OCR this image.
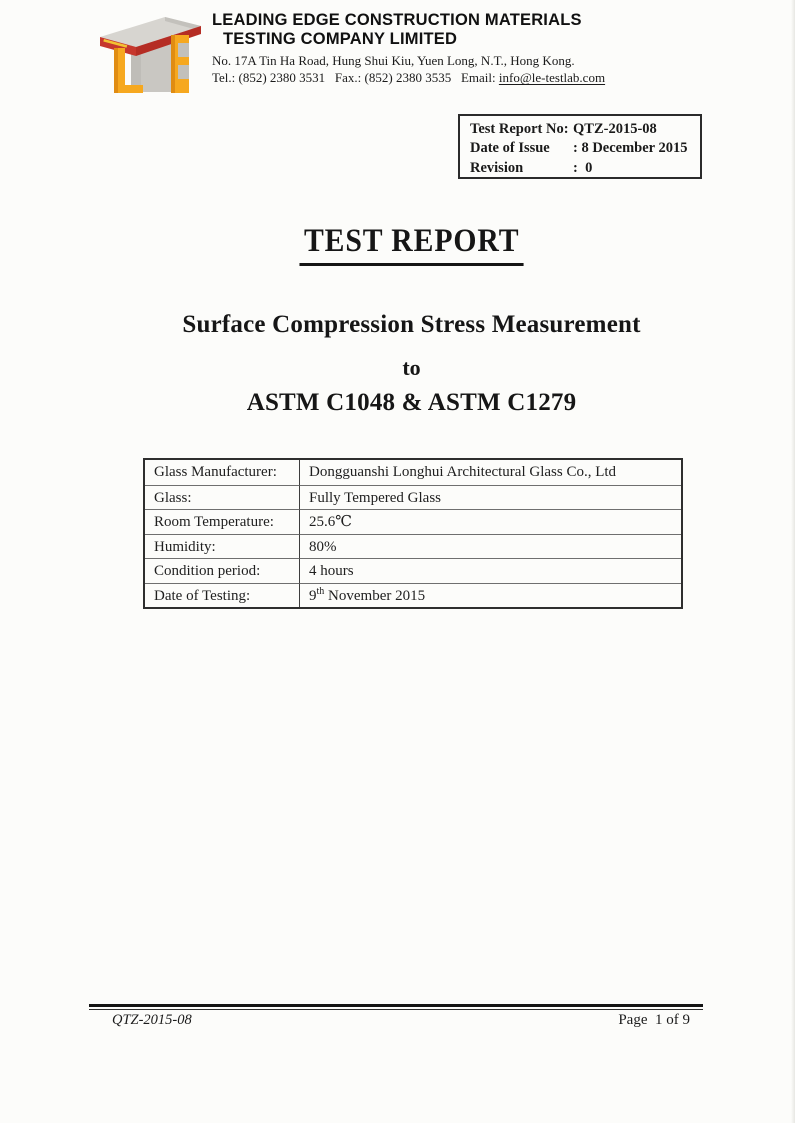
LEADING EDGE CONSTRUCTION MATERIALS
TESTING COMPANY LIMITED
No. 17A Tin Ha Road, Hung Shui Kiu, Yuen Long, N.T., Hong Kong.
Tel.: (852) 2380 3531   Fax.: (852) 2380 3535   Email: info@le-testlab.com
Test Report No: QTZ-2015-08
Date of Issue	: 8 December 2015
Revision	:  0
TEST REPORT
Surface Compression Stress Measurement
to
ASTM C1048 & ASTM C1279
Glass Manufacturer:	Dongguanshi Longhui Architectural Glass Co., Ltd
Glass:	Fully Tempered Glass
Room Temperature:	25.6℃
Humidity:	80%
Condition period:	4 hours
Date of Testing:	9th November 2015
QTZ-2015-08	Page  1 of 9
